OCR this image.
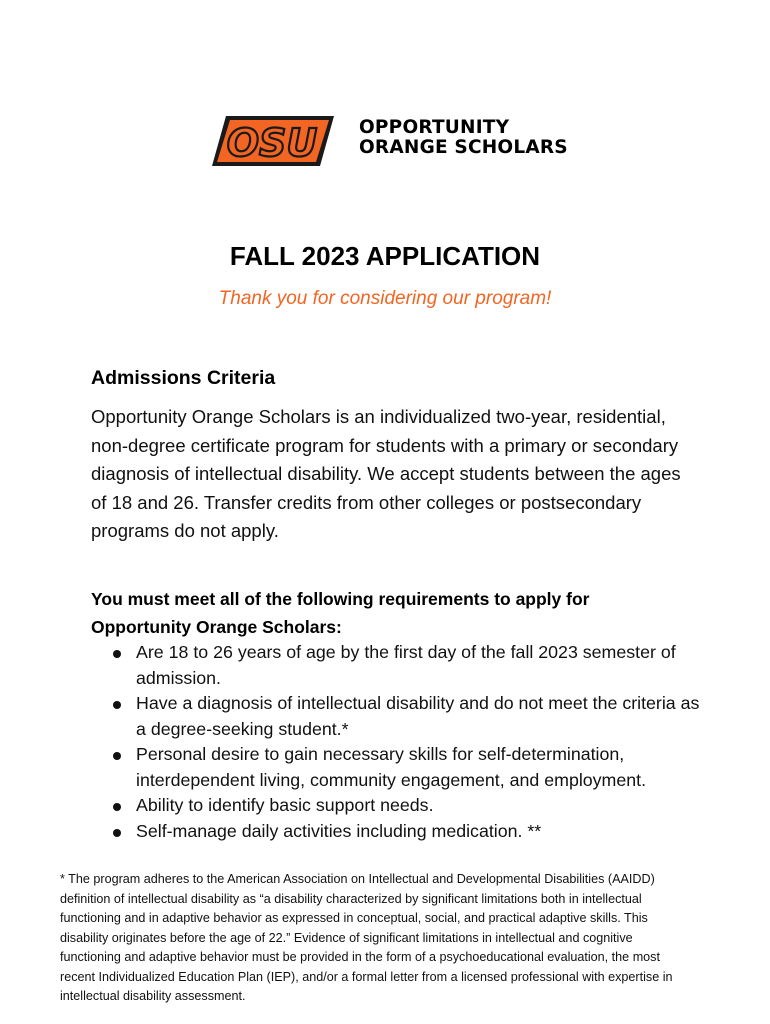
OSU OPPORTUNITY
ORANGE SCHOLARS
FALL 2023 APPLICATION
Thank you for considering our program!
Admissions Criteria
Opportunity Orange Scholars is an individualized two-year, residential, non-degree certificate program for students with a primary or secondary diagnosis of intellectual disability. We accept students between the ages of 18 and 26. Transfer credits from other colleges or postsecondary programs do not apply.
You must meet all of the following requirements to apply for Opportunity Orange Scholars:
Are 18 to 26 years of age by the first day of the fall 2023 semester of admission.
Have a diagnosis of intellectual disability and do not meet the criteria as a degree-seeking student.*
Personal desire to gain necessary skills for self-determination, interdependent living, community engagement, and employment.
Ability to identify basic support needs.
Self-manage daily activities including medication. **
* The program adheres to the American Association on Intellectual and Developmental Disabilities (AAIDD) definition of intellectual disability as “a disability characterized by significant limitations both in intellectual functioning and in adaptive behavior as expressed in conceptual, social, and practical adaptive skills. This disability originates before the age of 22.” Evidence of significant limitations in intellectual and cognitive functioning and adaptive behavior must be provided in the form of a psychoeducational evaluation, the most recent Individualized Education Plan (IEP), and/or a formal letter from a licensed professional with expertise in intellectual disability assessment.
